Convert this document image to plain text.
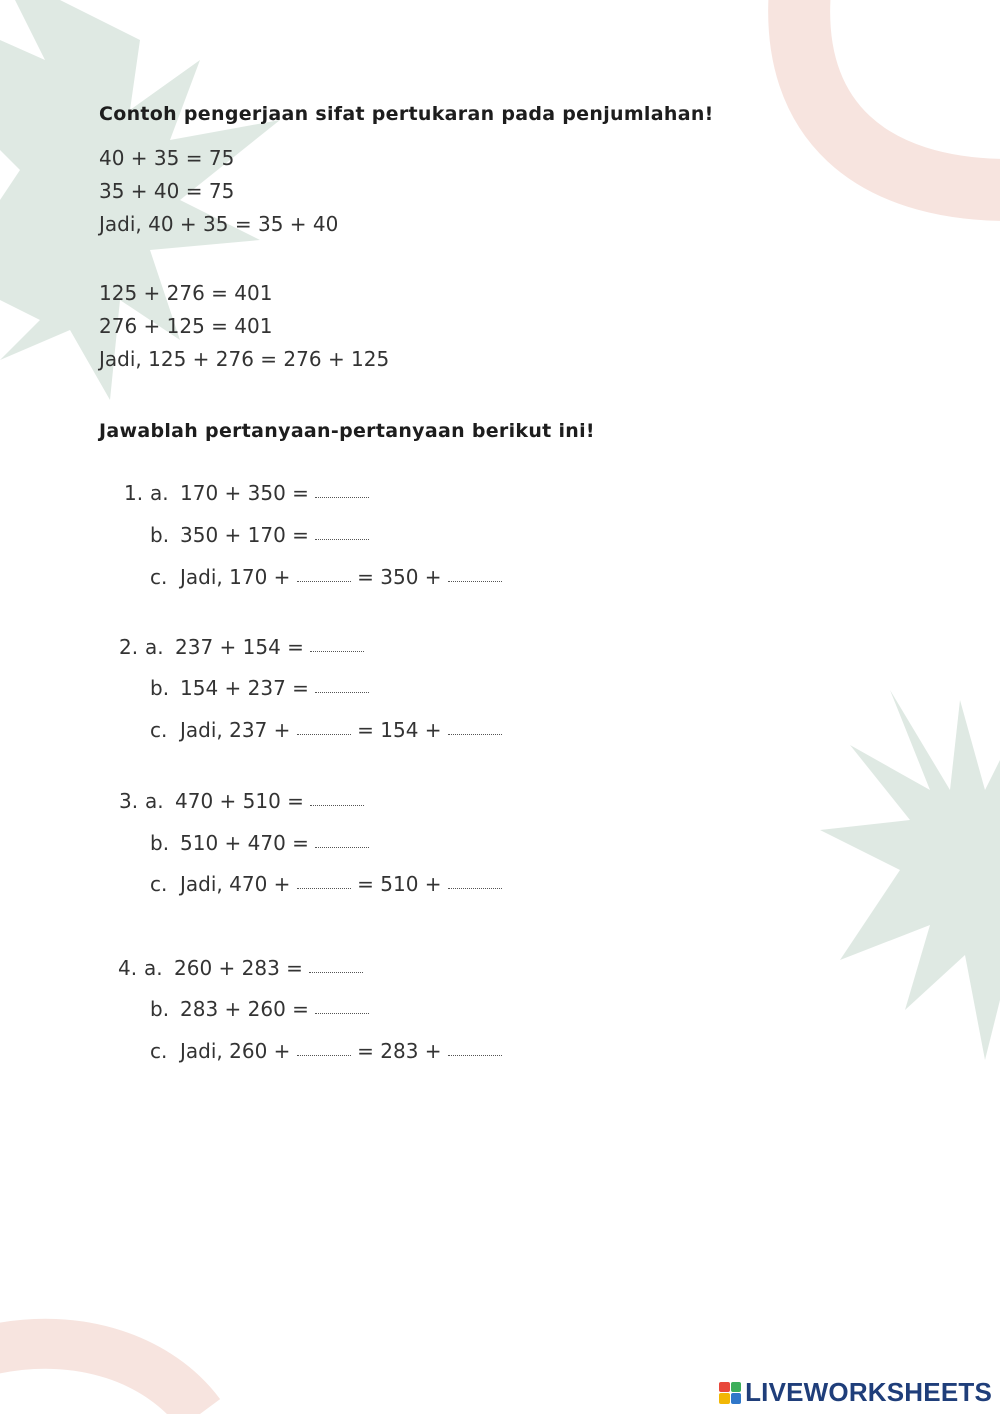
Contoh pengerjaan sifat pertukaran pada penjumlahan!
40 + 35 = 75
35 + 40 = 75
Jadi, 40 + 35 = 35 + 40
125 + 276 = 401
276 + 125 = 401
Jadi, 125 + 276 = 276 + 125
Jawablah pertanyaan-pertanyaan berikut ini!
1. a. 170 + 350 =
b. 350 + 170 =
c. Jadi, 170 +	= 350 +
2. a. 237 + 154 =
b. 154 + 237 =
c. Jadi, 237 +	= 154 +
3. a. 470 + 510 =
b. 510 + 470 =
c. Jadi, 470 +	= 510 +
4. a. 260 + 283 =
b. 283 + 260 =
c. Jadi, 260 +	= 283 +
LIVEWORKSHEETS
